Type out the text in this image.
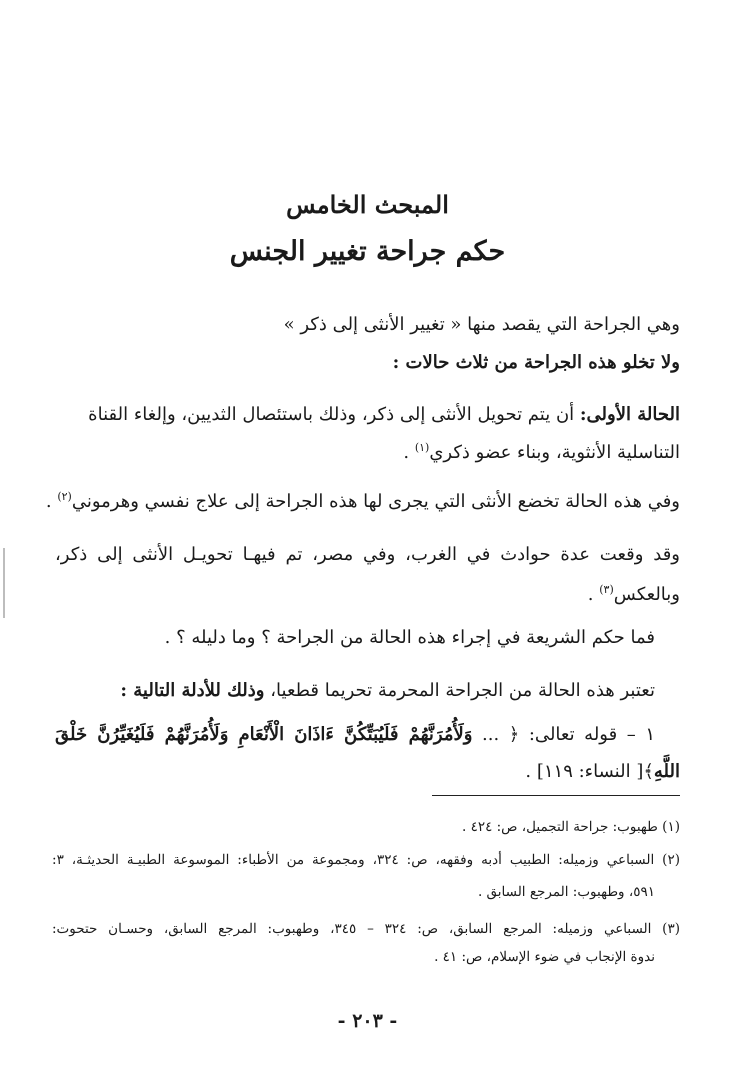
المبحث الخامس
حكم جراحة تغيير الجنس
وهي الجراحة التي يقصد منها « تغيير الأنثى إلى ذكر »
ولا تخلو هذه الجراحة من ثلاث حالات :
الحالة الأولى: أن يتم تحويل الأنثى إلى ذكر، وذلك باستئصال الثديين، وإلغاء القناة
التناسلية الأنثوية، وبناء عضو ذكري$^{(١)}$ .
وفي هذه الحالة تخضع الأنثى التي يجرى لها هذه الجراحة إلى علاج نفسي وهرموني$^{(٢)}$ .
وقد وقعت عدة حوادث في الغرب، وفي مصر، تم فيهـا تحويـل الأنثى إلى ذكر،
وبالعكس$^{(٣)}$ .
فما حكم الشريعة في إجراء هذه الحالة من الجراحة ؟ وما دليله ؟ .
تعتبر هذه الحالة من الجراحة المحرمة تحريما قطعيا، وذلك للأدلة التالية :
١ – قوله تعالى: ﴿ ... وَلَأُمُرَنَّهُمْ فَلَيُبَتِّكُنَّ ءَاذَانَ الْأَنْعَامِ وَلَأُمُرَنَّهُمْ فَلَيُغَيِّرُنَّ خَلْقَ
اللَّهِ﴾[ النساء: ١١٩] .
(١) طهبوب: جراحة التجميل، ص: ٤٢٤ .
(٢) السباعي وزميله: الطبيب أدبه وفقهه، ص: ٣٢٤، ومجموعة من الأطباء: الموسوعة الطبيـة الحديثـة، ٣:
٥٩١، وطهبوب: المرجع السابق .
(٣) السباعي وزميله: المرجع السابق، ص: ٣٢٤ – ٣٤٥، وطهبوب: المرجع السابق، وحسـان حتحوت:
ندوة الإنجاب في ضوء الإسلام، ص: ٤١ .
- ٢٠٣ -
